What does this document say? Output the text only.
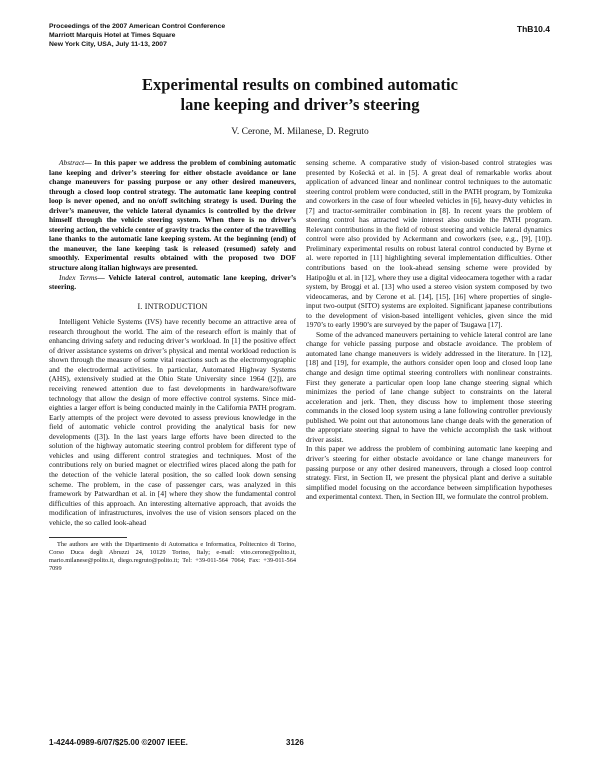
Proceedings of the 2007 American Control Conference
Marriott Marquis Hotel at Times Square
New York City, USA, July 11-13, 2007
ThB10.4
Experimental results on combined automatic
lane keeping and driver’s steering
V. Cerone, M. Milanese, D. Regruto

Abstract— In this paper we address the problem of combining automatic lane keeping and driver’s steering for either obstacle avoidance or lane change maneuvers for passing purpose or any other desired maneuvers, through a closed loop control strategy. The automatic lane keeping control loop is never opened, and no on/off switching strategy is used. During the driver’s maneuver, the vehicle lateral dynamics is controlled by the driver himself through the vehicle steering system. When there is no driver’s steering action, the vehicle center of gravity tracks the center of the travelling lane thanks to the automatic lane keeping system. At the beginning (end) of the maneuver, the lane keeping task is released (resumed) safely and smoothly. Experimental results obtained with the proposed two DOF structure along italian highways are presented.

Index Terms— Vehicle lateral control, automatic lane keeping, driver’s steering.

I. INTRODUCTION

Intelligent Vehicle Systems (IVS) have recently become an attractive area of research throughout the world. The aim of the research effort is mainly that of enhancing driving safety and reducing driver’s workload. In [1] the positive effect of driver assistance systems on driver’s physical and mental workload reduction is shown through the measure of some vital reactions such as the electromyographic and the electrodermal activities. In particular, Automated Highway Systems (AHS), extensively studied at the Ohio State University since 1964 ([2]), are receiving renewed attention due to fast developments in hardware/software technology that allow the design of more effective control systems. Since mid-eighties a larger effort is being conducted mainly in the California PATH program. Early attempts of the project were devoted to assess previous knowledge in the field of automatic vehicle control providing the analytical basis for new developments ([3]). In the last years large efforts have been directed to the solution of the highway automatic steering control problem for different type of vehicles and using different control strategies and techniques. Most of the contributions rely on buried magnet or electrified wires placed along the path for the detection of the vehicle lateral position, the so called look down sensing scheme. The problem, in the case of passenger cars, was analyzed in this framework by Patwardhan et al. in [4] where they show the fundamental control difficulties of this approach. An interesting alternative approach, that avoids the modification of infrastructures, involves the use of vision sensors placed on the vehicle, the so called look-ahead

The authors are with the Dipartimento di Automatica e Informatica, Politecnico di Torino, Corso Duca degli Abruzzi 24, 10129 Torino, Italy; e-mail: vito.cerone@polito.it, mario.milanese@polito.it, diego.regruto@polito.it; Tel: +39-011-564 7064; Fax: +39-011-564 7099

sensing scheme. A comparative study of vision-based control strategies was presented by Košecká et al. in [5]. A great deal of remarkable works about application of advanced linear and nonlinear control techniques to the automatic steering control problem were conducted, still in the PATH program, by Tomizuka and coworkers in the case of four wheeled vehicles in [6], heavy-duty vehicles in [7] and tractor-semitrailer combination in [8]. In recent years the problem of steering control has attracted wide interest also outside the PATH program. Relevant contributions in the field of robust steering and vehicle lateral dynamics control were also provided by Ackermann and coworkers (see, e.g., [9], [10]). Preliminary experimental results on robust lateral control conducted by Byrne et al. were reported in [11] highlighting several implementation difficulties. Other contributions based on the look-ahead sensing scheme were provided by Hatipoğlu et al. in [12], where they use a digital videocamera together with a radar system, by Broggi et al. [13] who used a stereo vision system composed by two videocameras, and by Cerone et al. [14], [15], [16] where properties of single-input two-output (SITO) systems are exploited. Significant japanese contributions to the development of vision-based intelligent vehicles, given since the mid 1970’s to early 1990’s are surveyed by the paper of Tsugawa [17].

Some of the advanced maneuvers pertaining to vehicle lateral control are lane change for vehicle passing purpose and obstacle avoidance. The problem of automated lane change maneuvers is widely addressed in the literature. In [12], [18] and [19], for example, the authors consider open loop and closed loop lane change and design time optimal steering controllers with nonlinear constraints. First they generate a particular open loop lane change steering signal which minimizes the period of lane change subject to constraints on the lateral acceleration and jerk. Then, they discuss how to implement those steering commands in the closed loop system using a lane following controller previously published. We point out that autonomous lane change deals with the generation of the appropriate steering signal to have the vehicle accomplish the task without driver assist.

In this paper we address the problem of combining automatic lane keeping and driver’s steering for either obstacle avoidance or lane change maneuvers for passing purpose or any other desired maneuvers, through a closed loop control strategy. First, in Section II, we present the physical plant and derive a suitable simplified model focusing on the accordance between simplification hypotheses and experimental context. Then, in Section III, we formulate the control problem.

1-4244-0989-6/07/$25.00 ©2007 IEEE.	3126
